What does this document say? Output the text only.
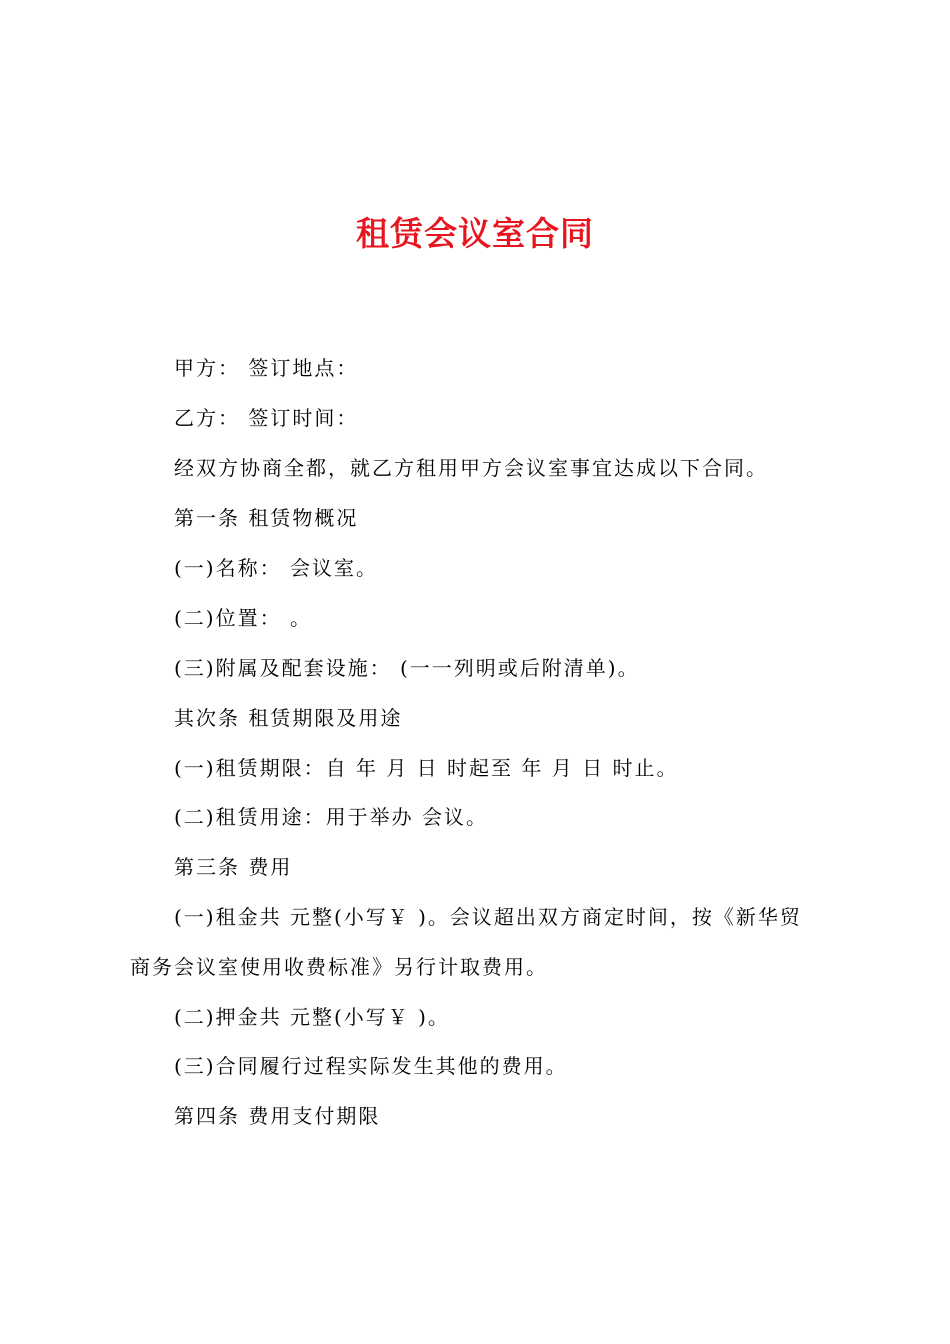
租赁会议室合同
甲方： 签订地点：
乙方： 签订时间：
经双方协商全都，就乙方租用甲方会议室事宜达成以下合同。
第一条 租赁物概况
(一)名称： 会议室。
(二)位置： 。
(三)附属及配套设施： (一一列明或后附清单)。
其次条 租赁期限及用途
(一)租赁期限：自 年 月 日 时起至 年 月 日 时止。
(二)租赁用途：用于举办 会议。
第三条 费用
(一)租金共 元整(小写￥ )。会议超出双方商定时间，按《新华贸
商务会议室使用收费标准》另行计取费用。
(二)押金共 元整(小写￥ )。
(三)合同履行过程实际发生其他的费用。
第四条 费用支付期限
